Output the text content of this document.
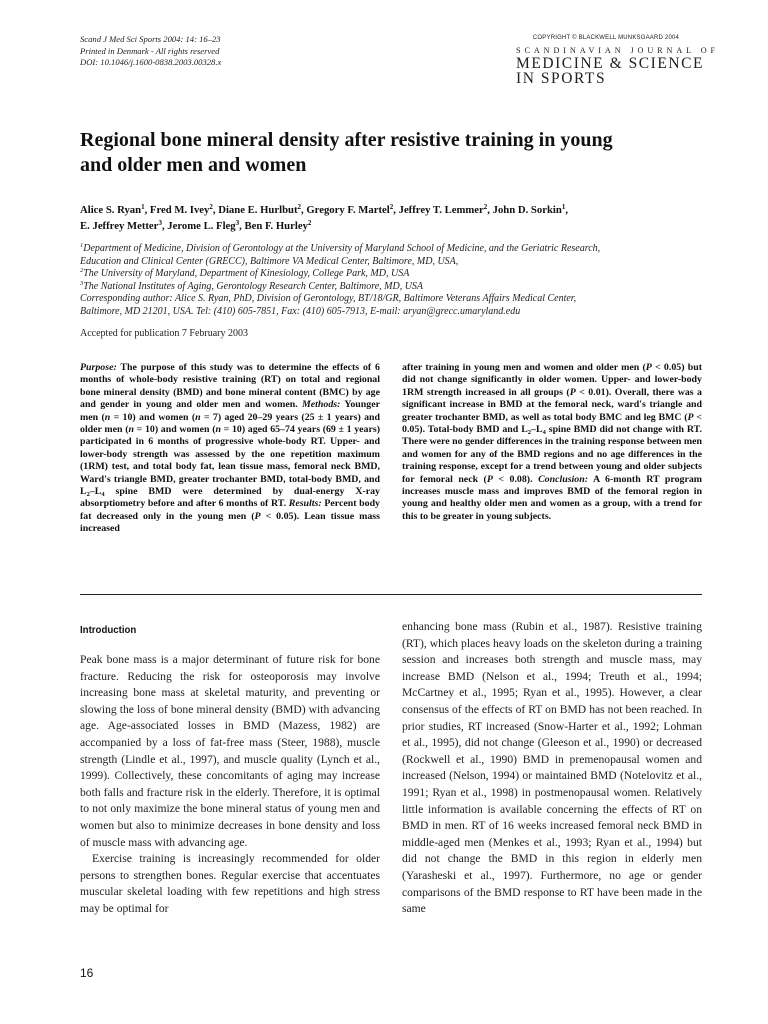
Scand J Med Sci Sports 2004: 14: 16–23
Printed in Denmark - All rights reserved
DOI: 10.1046/j.1600-0838.2003.00328.x
COPYRIGHT © BLACKWELL MUNKSGAARD 2004
SCANDINAVIAN JOURNAL OF
MEDICINE & SCIENCE
IN SPORTS
Regional bone mineral density after resistive training in young
and older men and women
Alice S. Ryan$^1$, Fred M. Ivey$^2$, Diane E. Hurlbut$^2$, Gregory F. Martel$^2$, Jeffrey T. Lemmer$^2$, John D. Sorkin$^1$,
E. Jeffrey Metter$^3$, Jerome L. Fleg$^3$, Ben F. Hurley$^2$
$^1$Department of Medicine, Division of Gerontology at the University of Maryland School of Medicine, and the Geriatric Research,
Education and Clinical Center (GRECC), Baltimore VA Medical Center, Baltimore, MD, USA,
$^2$The University of Maryland, Department of Kinesiology, College Park, MD, USA
$^3$The National Institutes of Aging, Gerontology Research Center, Baltimore, MD, USA
Corresponding author: Alice S. Ryan, PhD, Division of Gerontology, BT/18/GR, Baltimore Veterans Affairs Medical Center,
Baltimore, MD 21201, USA. Tel: (410) 605-7851, Fax: (410) 605-7913, E-mail: aryan@grecc.umaryland.edu
Accepted for publication 7 February 2003
Purpose: The purpose of this study was to determine the effects of 6 months of whole-body resistive training (RT) on total and regional bone mineral density (BMD) and bone mineral content (BMC) by age and gender in young and older men and women. Methods: Younger men (n = 10) and women (n = 7) aged 20–29 years (25 ± 1 years) and older men (n = 10) and women (n = 10) aged 65–74 years (69 ± 1 years) participated in 6 months of progressive whole-body RT. Upper- and lower-body strength was assessed by the one repetition maximum (1RM) test, and total body fat, lean tissue mass, femoral neck BMD, Ward's triangle BMD, greater trochanter BMD, total-body BMD, and $L_2-L_4$ spine BMD were determined by dual-energy X-ray absorptiometry before and after 6 months of RT. Results: Percent body fat decreased only in the young men (P < 0.05). Lean tissue mass increased
after training in young men and women and older men (P < 0.05) but did not change significantly in older women. Upper- and lower-body 1RM strength increased in all groups (P < 0.01). Overall, there was a significant increase in BMD at the femoral neck, ward's triangle and greater trochanter BMD, as well as total body BMC and leg BMC (P < 0.05). Total-body BMD and $L_2-L_4$ spine BMD did not change with RT. There were no gender differences in the training response between men and women for any of the BMD regions and no age differences in the training response, except for a trend between young and older subjects for femoral neck (P < 0.08). Conclusion: A 6-month RT program increases muscle mass and improves BMD of the femoral region in young and healthy older men and women as a group, with a trend for this to be greater in young subjects.
Introduction

Peak bone mass is a major determinant of future risk for bone fracture. Reducing the risk for osteoporosis may involve increasing bone mass at skeletal maturity, and preventing or slowing the loss of bone mineral density (BMD) with advancing age. Age-associated losses in BMD (Mazess, 1982) are accompanied by a loss of fat-free mass (Steer, 1988), muscle strength (Lindle et al., 1997), and muscle quality (Lynch et al., 1999). Collectively, these concomitants of aging may increase both falls and fracture risk in the elderly. Therefore, it is optimal to not only maximize the bone mineral status of young men and women but also to minimize decreases in bone density and loss of muscle mass with advancing age.

Exercise training is increasingly recommended for older persons to strengthen bones. Regular exercise that accentuates muscular skeletal loading with few repetitions and high stress may be optimal for

enhancing bone mass (Rubin et al., 1987). Resistive training (RT), which places heavy loads on the skeleton during a training session and increases both strength and muscle mass, may increase BMD (Nelson et al., 1994; Treuth et al., 1994; McCartney et al., 1995; Ryan et al., 1995). However, a clear consensus of the effects of RT on BMD has not been reached. In prior studies, RT increased (Snow-Harter et al., 1992; Lohman et al., 1995), did not change (Gleeson et al., 1990) or decreased (Rockwell et al., 1990) BMD in premenopausal women and increased (Nelson, 1994) or maintained BMD (Notelovitz et al., 1991; Ryan et al., 1998) in postmenopausal women. Relatively little information is available concerning the effects of RT on BMD in men. RT of 16 weeks increased femoral neck BMD in middle-aged men (Menkes et al., 1993; Ryan et al., 1994) but did not change the BMD in this region in elderly men (Yarasheski et al., 1997). Furthermore, no age or gender comparisons of the BMD response to RT have been made in the same

16
